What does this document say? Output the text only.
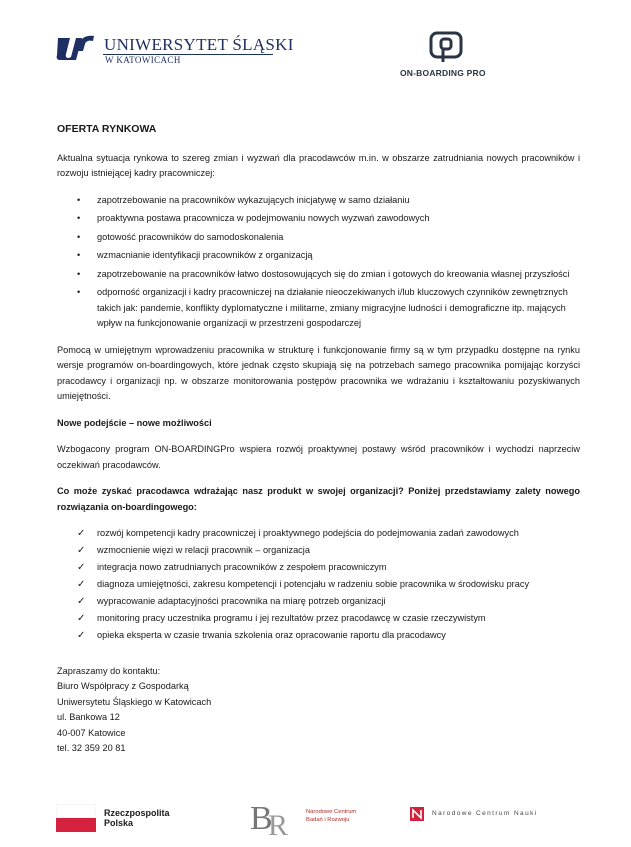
UNIWERSYTET ŚLĄSKI
W KATOWICACH
ON-BOARDING PRO
OFERTA RYNKOWA

Aktualna sytuacja rynkowa to szereg zmian i wyzwań dla pracodawców m.in. w obszarze zatrudniania nowych pracowników i rozwoju istniejącej kadry pracowniczej:

• zapotrzebowanie na pracowników wykazujących inicjatywę w samo działaniu
• proaktywna postawa pracownicza w podejmowaniu nowych wyzwań zawodowych
• gotowość pracowników do samodoskonalenia
• wzmacnianie identyfikacji pracowników z organizacją
• zapotrzebowanie na pracowników łatwo dostosowujących się do zmian i gotowych do kreowania własnej przyszłości
• odporność organizacji i kadry pracowniczej na działanie nieoczekiwanych i/lub kluczowych czynników zewnętrznych takich jak: pandemie, konflikty dyplomatyczne i militarne, zmiany migracyjne ludności i demograficzne itp. mających wpływ na funkcjonowanie organizacji w przestrzeni gospodarczej

Pomocą w umiejętnym wprowadzeniu pracownika w strukturę i funkcjonowanie firmy są w tym przypadku dostępne na rynku wersje programów on-boardingowych, które jednak często skupiają się na potrzebach samego pracownika pomijając korzyści pracodawcy i organizacji np. w obszarze monitorowania postępów pracownika we wdrażaniu i kształtowaniu pozyskiwanych umiejętności.

Nowe podejście – nowe możliwości

Wzbogacony program ON-BOARDINGPro wspiera rozwój proaktywnej postawy wśród pracowników i wychodzi naprzeciw oczekiwań pracodawców.

Co może zyskać pracodawca wdrażając nasz produkt w swojej organizacji? Poniżej przedstawiamy zalety nowego rozwiązania on-boardingowego:

✓ rozwój kompetencji kadry pracowniczej i proaktywnego podejścia do podejmowania zadań zawodowych
✓ wzmocnienie więzi w relacji pracownik – organizacja
✓ integracja nowo zatrudnianych pracowników z zespołem pracowniczym
✓ diagnoza umiejętności, zakresu kompetencji i potencjału w radzeniu sobie pracownika w środowisku pracy
✓ wypracowanie adaptacyjności pracownika na miarę potrzeb organizacji
✓ monitoring pracy uczestnika programu i jej rezultatów przez pracodawcę w czasie rzeczywistym
✓ opieka eksperta w czasie trwania szkolenia oraz opracowanie raportu dla pracodawcy
Zapraszamy do kontaktu:
Biuro Współpracy z Gospodarką
Uniwersytetu Śląskiego w Katowicach
ul. Bankowa 12
40-007 Katowice
tel. 32 359 20 81
Rzeczpospolita
Polska	B
R	Narodowe Centrum
Badań i Rozwoju
Narodowe Centrum Nauki
